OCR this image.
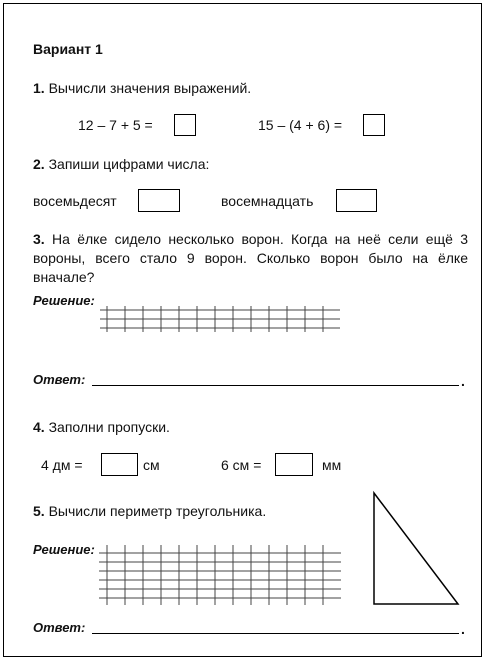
Вариант 1
1. Вычисли значения выражений.
12 – 7 + 5 =	15 – (4 + 6) =
2. Запиши цифрами числа:
восемьдесят	восемнадцать
3. На ёлке сидело несколько ворон. Когда на неё сели ещё 3 вороны, всего стало 9 ворон. Сколько ворон было на ёлке вначале?
Решение:
Ответ:	.
4. Заполни пропуски.
4 дм =	см	6 см =	мм
5. Вычисли периметр треугольника.
Решение:
Ответ:	.
